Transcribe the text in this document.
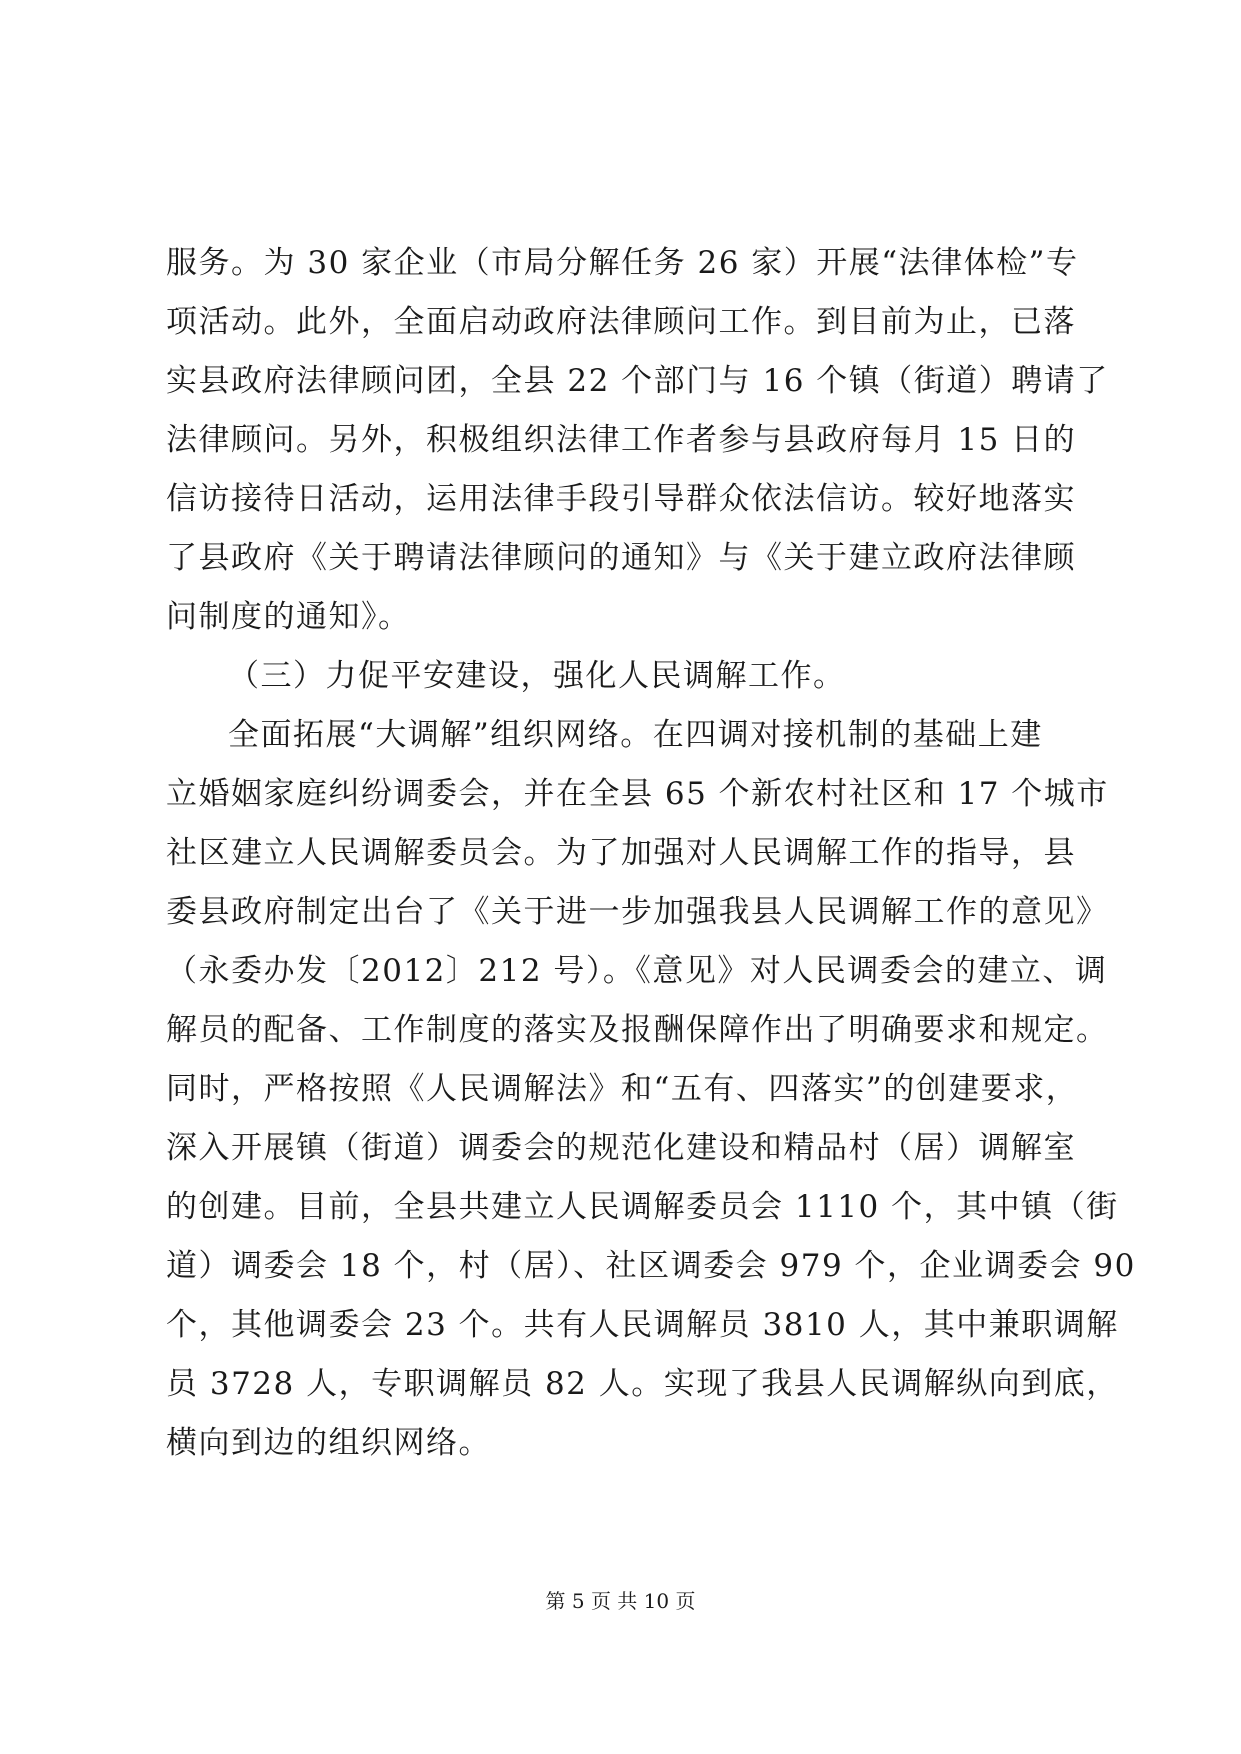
服务。为 30 家企业（市局分解任务 26 家）开展“法律体检”专
项活动。此外，全面启动政府法律顾问工作。到目前为止，已落
实县政府法律顾问团，全县 22 个部门与 16 个镇（街道）聘请了
法律顾问。另外，积极组织法律工作者参与县政府每月 15 日的
信访接待日活动，运用法律手段引导群众依法信访。较好地落实
了县政府《关于聘请法律顾问的通知》与《关于建立政府法律顾
问制度的通知》。
（三）力促平安建设，强化人民调解工作。
全面拓展“大调解”组织网络。在四调对接机制的基础上建
立婚姻家庭纠纷调委会，并在全县 65 个新农村社区和 17 个城市
社区建立人民调解委员会。为了加强对人民调解工作的指导，县
委县政府制定出台了《关于进一步加强我县人民调解工作的意见》
（永委办发〔2012〕212 号）。《意见》对人民调委会的建立、调
解员的配备、工作制度的落实及报酬保障作出了明确要求和规定。
同时，严格按照《人民调解法》和“五有、四落实”的创建要求，
深入开展镇（街道）调委会的规范化建设和精品村（居）调解室
的创建。目前，全县共建立人民调解委员会 1110 个，其中镇（街
道）调委会 18 个，村（居）、社区调委会 979 个，企业调委会 90
个，其他调委会 23 个。共有人民调解员 3810 人，其中兼职调解
员 3728 人，专职调解员 82 人。实现了我县人民调解纵向到底，
横向到边的组织网络。
第 5 页 共 10 页
